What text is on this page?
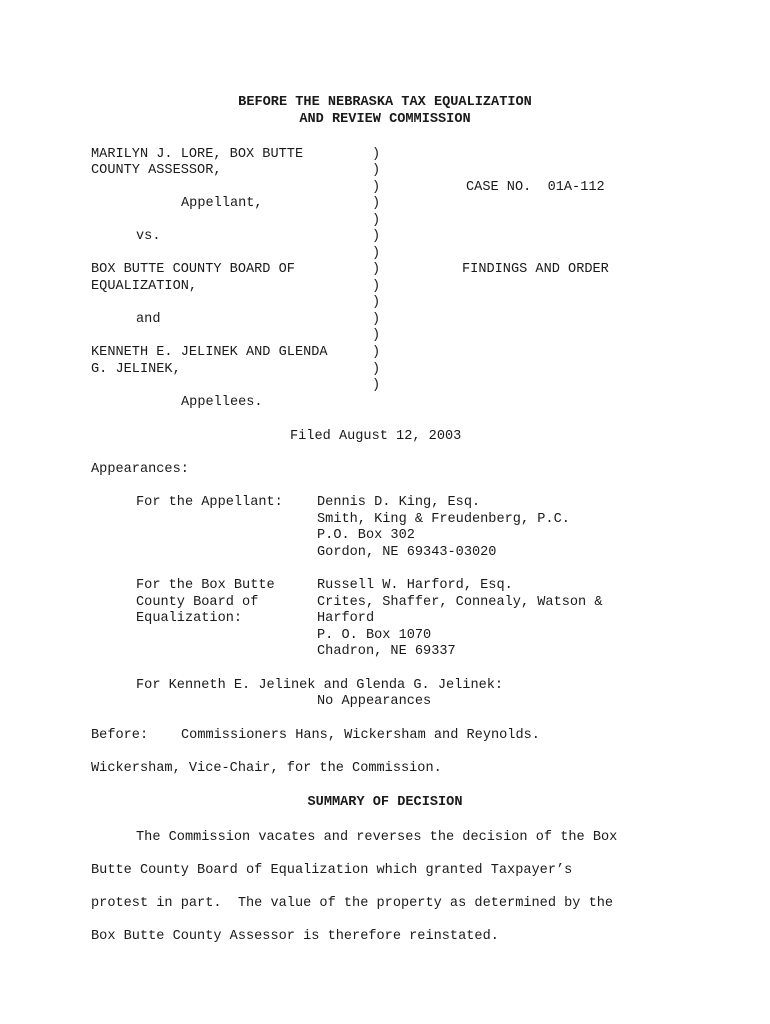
BEFORE THE NEBRASKA TAX EQUALIZATION
AND REVIEW COMMISSION
MARILYN J. LORE, BOX BUTTE
COUNTY ASSESSOR,
Appellant,
vs.
BOX BUTTE COUNTY BOARD OF
EQUALIZATION,
and
KENNETH E. JELINEK AND GLENDA
G. JELINEK,
Appellees.
)
)
)
)
)
)
)
)
)
)
)
)
)
)
)
CASE NO.  01A-112
FINDINGS AND ORDER
Filed August 12, 2003
Appearances:
For the Appellant:	Dennis D. King, Esq.
Smith, King & Freudenberg, P.C.
P.O. Box 302
Gordon, NE 69343-03020
For the Box Butte
County Board of
Equalization:
Russell W. Harford, Esq.
Crites, Shaffer, Connealy, Watson &
Harford
P. O. Box 1070
Chadron, NE 69337
For Kenneth E. Jelinek and Glenda G. Jelinek:
No Appearances
Before: Commissioners Hans, Wickersham and Reynolds.
Wickersham, Vice-Chair, for the Commission.
SUMMARY OF DECISION
The Commission vacates and reverses the decision of the Box
Butte County Board of Equalization which granted Taxpayer’s
protest in part.  The value of the property as determined by the
Box Butte County Assessor is therefore reinstated.
